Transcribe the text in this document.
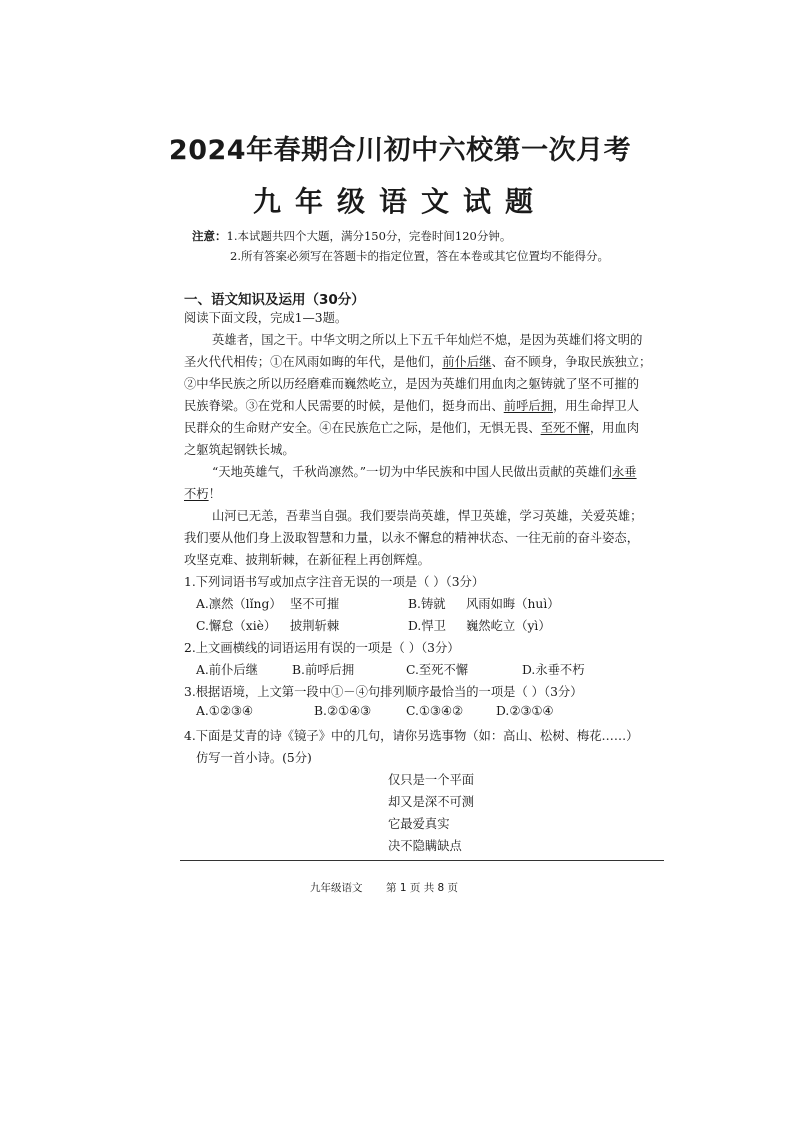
2024年春期合川初中六校第一次月考
九年级语文试题
注意：1.本试题共四个大题，满分150分，完卷时间120分钟。
2.所有答案必须写在答题卡的指定位置，答在本卷或其它位置均不能得分。
一、语文知识及运用（30分）
阅读下面文段，完成1—3题。
英雄者，国之干。中华文明之所以上下五千年灿烂不熄，是因为英雄们将文明的
圣火代代相传；①在风雨如晦的年代，是他们，前仆后继、奋不顾身，争取民族独立；
②中华民族之所以历经磨难而巍然屹立，是因为英雄们用血肉之躯铸就了坚不可摧的
民族脊梁。③在党和人民需要的时候，是他们，挺身而出、前呼后拥，用生命捍卫人
民群众的生命财产安全。④在民族危亡之际，是他们，无惧无畏、至死不懈，用血肉
之躯筑起钢铁长城。
“天地英雄气，千秋尚凛然。”一切为中华民族和中国人民做出贡献的英雄们永垂
不朽！
山河已无恙，吾辈当自强。我们要崇尚英雄，悍卫英雄，学习英雄，关爱英雄；
我们要从他们身上汲取智慧和力量，以永不懈怠的精神状态、一往无前的奋斗姿态，
攻坚克难、披荆斩棘，在新征程上再创辉煌。
1.下列词语书写或加点字注音无误的一项是（ ）（3分）
A.凛然（lǐng） 坚不可摧	B.铸就 风雨如晦（huì）
C.懈怠（xiè） 披荆斩棘	D.悍卫 巍然屹立（yì）
2.上文画横线的词语运用有误的一项是（ ）（3分）
A.前仆后继	B.前呼后拥	C.至死不懈	D.永垂不朽
3.根据语境，上文第一段中①－④句排列顺序最恰当的一项是（ ）（3分）
A.①②③④	B.②①④③	C.①③④②	D.②③①④
4.下面是艾青的诗《镜子》中的几句，请你另选事物（如：高山、松树、梅花……）
仿写一首小诗。(5分)
仅只是一个平面
却又是深不可测
它最爱真实
决不隐瞒缺点
九年级语文 第 1 页 共 8 页
